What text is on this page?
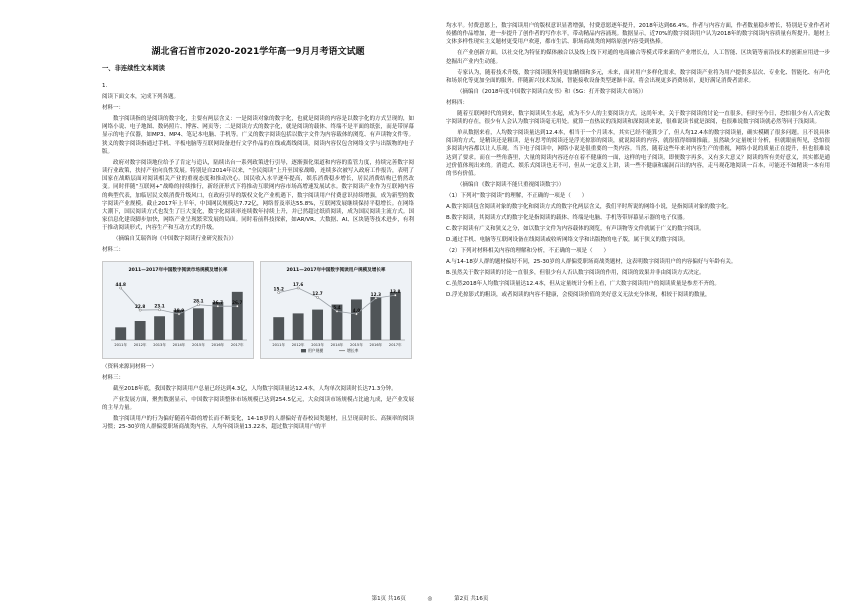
湖北省石首市2020-2021学年高一9月月考语文试题
一、非连续性文本阅读

1.

阅读下面文本，完成下列各题。

材料一：

数字阅读指的是阅读的数字化，主要有两层含义：一是阅读对象的数字化，也就是阅读的内容是以数字化的方式呈现的，如网络小说、电子地图、数码照片、博客、网页等；二是阅读方式的数字化，就是阅读的载体、终端不是平面的纸张，而是带屏幕显示的电子仪器，如MP3、MP4、笔记本电脑、手机等。广义的数字阅读包括以数字文件为内容载体的浏览、有声读物文件等。狭义的数字阅读指通过手机、平板电脑等互联网设备进行文学作品的在线或离线阅读，阅读内容仅包含网络文学与出版物的电子版。

政府对数字阅读地位给予了肯定与追认，陆续出台一系列政策进行引导，逐渐强化渠道和内容的监管力度，持续完善数字阅读行业政策，扶持产业向良性发展。特别是自2014年以来，“全民阅读”上升至国家战略，连续多次被写入政府工作报告，表明了国家在战略层面对阅读相关产业的重视态度和推动决心。国民收入水平逐年提高，娱乐消费稳步增长，居民消费结构已悄然改变。同时伴随“互联网+”战略的持续推行，新经济形式下将推动互联网内容市场高增速发展试水。数字阅读产业作为互联网内容的典型代表，加临居民文娱消费升级风口，在政府引导的版权文化产业机遇下，数字阅读用户付费意识持续增强，成为新型的数字阅读产业规模。截止2017年上半年，中国网民规模达7.72亿，网络普及率达55.8%，互联网发展继续保持平稳增长。在网络大潮下，国民阅读方式也发生了巨大变化，数字化阅读率连续数年持续上升，并已然超过纸质阅读，成为国民阅读主流方式。国家信息化建设脚步加快，网络产业呈现繁荣发展的局面。同时着前科技探索，如AR/VR、大数据、AI、区块链等技术进步，有利于推动阅读形式，内容生产和互动方式的升级。

（摘编自艾瑞咨询《中国数字阅读行业研究报告》）

材料二：

2011—2017年中国数字阅读市场规模及增长率
2011年 2012年 2013年 2014年 2015年 2016年 2017年
44.8
22.8 23.1
18.9
28.1 26.7 26.7
2011—2017年中国数字阅读用户规模及增长率
2011年 2012年 2013年 2014年 2015年 2016年 2017年
15.2
17.6
12.7
5.4
4.0
12.3
13.8
用户规模	增长率

（资料来源同材料一）

材料三：

截至2018年底，我国数字阅读用户总量已经达到4.3亿，人均数字阅读量达12.4本，人均单次阅读时长达71.3分钟。

产业发展方面，聚焦数据显示，中国数字阅读整体市场规模已达到254.5亿元，大众阅读市场规模占比逾九成，是产业发展的主导力量。

数字阅读用户的行为偏好随着年龄的增长而不断变化，14-18岁的人群偏好青春校园类题材，且呈现高时长、高频率的阅读习惯；25-30岁的人群偏爱职场商战类内容，人均年阅读量13.22本，超过数字阅读用户的平

均水平。付费意愿上，数字阅读用户的版权意识显著增强，付费意愿逐年提升，2018年达到66.4%。作者与内容方面，作者数量稳步增长，特别是专业作者对传播的作品增加，进一步提升了创作者的写作水平，带动精品内容涌现。数据显示，近70%的数字阅读用户认为2018年的数字阅读内容质量有所提升。题材上文体多样性现实主义题材更受用户欢迎，都市生活、职场商战类的网络原创内容受到热捧。

在产业创新方面，以社交化为特征的媒体融合以及线上线下对通的电商融合等模式带来新的产业增长点，人工智能、区块链等前沿技术的创新应用进一步挖掘出产业内生动能。

专家认为，随着技术升级，数字阅读服务将更加精细和多元，未来，面对用户多样化需求，数字阅读产业将为用户提供多层次、专业化、智能化、有声化和场景化等更加全面的服务。伴随新兴技术发展，智能接收设备类型逐渐丰富，将会出现更多消费场景，更好满足消费者需求。

（摘编自《2018年度中国数字阅读白皮书》和《5G：打开数字阅读大市场》）

材料四：

随着互联网时代的到来，数字阅读风生水起，成为不少人的主要阅读方式。这尚年来，关于数字阅读的讨论一直很多，但时至今日，恐怕很少有人否定数字阅读的存在，很少有人会认为数字阅读毫无用处。就算一直热议的浅阅读和深阅读来说，很难说读书就是深阅，也很难说数字阅读就必然等同于浅阅读。

单从数据来看，人均数字阅读量达到12.4本，相当于一个月读本，其实已经不能算少了，但人均12.4本的数字阅读量，确实模糊了很多问题。且不说具体阅读的方式，是精读还是粗读，是有思考的阅读还是浮光掠影的阅读，就说阅读的内容，就很值得细细推敲。虽然缺少定量统计分析，但就眼前所见，恐怕很多阅读内容都以让人乐观。当下电子阅读中，网络小说是很重要的一类内容。当然，随着这些年来对内容生产的重视，网络小说的质量正在提升，但也很难说达到了要求。而在一些角落里，大量的阅读内容还存在着不健康的一面，这样的电子阅读，即便数字再多，又有多大意义？阅读的所有美好意义，其实都是通过价值体现出来的。消遣式、娱乐式阅读也无不可，但从一定意义上讲，读一些不健康和漏洞百出的内容，走马观花地阅读一百本，可能还不如精读一本有用的书有价值。

（摘编自《数字阅读不能只重视阅读数字》）

（1）下列对“数字阅读”的理解，不正确的一项是（　　）

A.数字阅读包含阅读对象的数字化和阅读方式的数字化两层含义，我们平时所说的网络小说，是指阅读对象的数字化。

B.数字阅读，其阅读方式的数字化是指阅读的载体、终端是电脑、手机等带屏幕显示器的电子仪器。

C.数字阅读有广义和狭义之分，如以数字文件为内容载体的浏览，有声读物等文件就属于广义的数字阅读。

D.通过手机、电脑等互联网设备在线阅读或收听网络文学和出版物的电子版，属于狭义的数字阅读。

（2）下列对材料相关内容的理解和分析，不正确的一项是（　　）

A.与14-18岁人群的题材偏好不同，25-30岁的人群偏爱职场商战类题材，这表明数字阅读用户的内容偏好与年龄有关。

B.虽然关于数字阅读的讨论一直很多，但很少有人否认数字阅读的作用，阅读的效果并非由阅读方式决定。

C.虽然2018年人均数字阅读量达12.4本，但从定量统计分析上看，广大数字阅读用户的阅读质量是参差不齐的。

D.浮光掠影式的粗读，或者阅读的内容不健康，会使阅读价值的美好意义无法充分体现，相较于阅读的数量，

第1页 共16页	◎	第2页 共16页
